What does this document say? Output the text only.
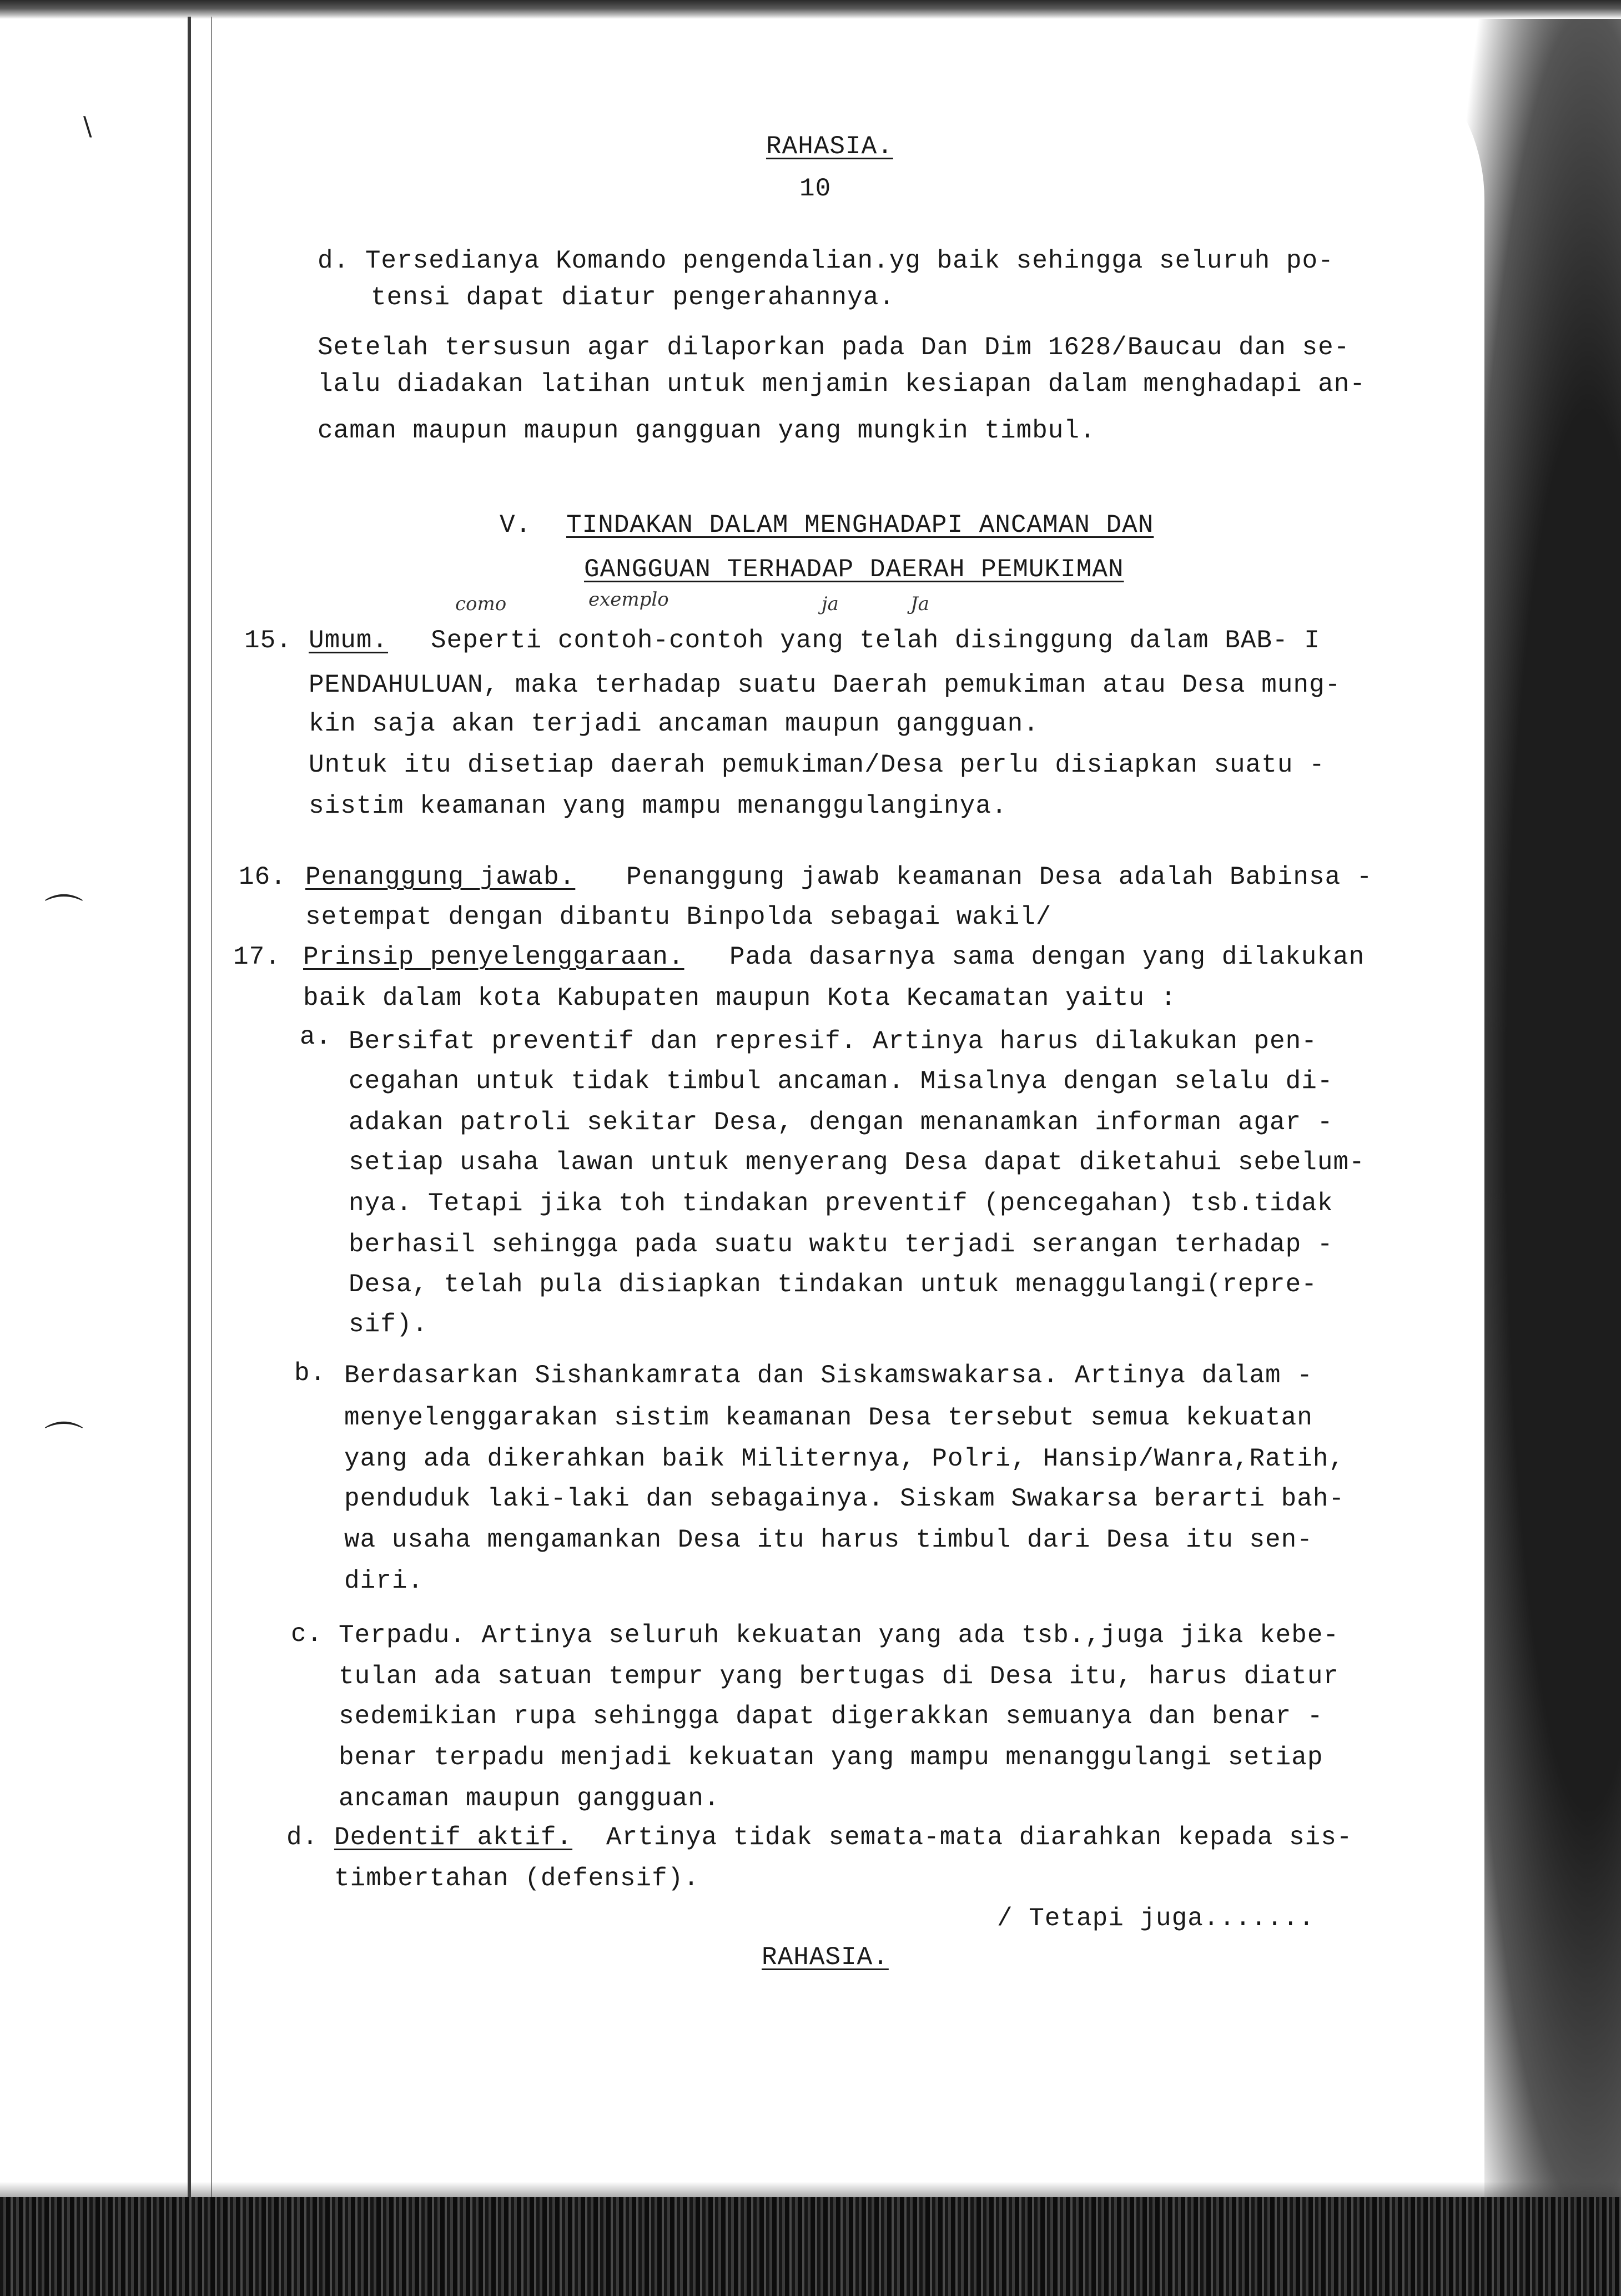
\
⌒
⌒
RAHASIA.
10
d. Tersedianya Komando pengendalian.yg baik sehingga seluruh po-
tensi dapat diatur pengerahannya.
Setelah tersusun agar dilaporkan pada Dan Dim 1628/Baucau dan se-
lalu diadakan latihan untuk menjamin kesiapan dalam menghadapi an-
caman maupun maupun gangguan yang mungkin timbul.
V. TINDAKAN DALAM MENGHADAPI ANCAMAN DAN
GANGGUAN TERHADAP DAERAH PEMUKIMAN
como	exemplo	ja	Ja
15. Umum. Seperti contoh-contoh yang telah disinggung dalam BAB- I
PENDAHULUAN, maka terhadap suatu Daerah pemukiman atau Desa mung-
kin saja akan terjadi ancaman maupun gangguan.
Untuk itu disetiap daerah pemukiman/Desa perlu disiapkan suatu -
sistim keamanan yang mampu menanggulanginya.
16. Penanggung jawab. Penanggung jawab keamanan Desa adalah Babinsa -
setempat dengan dibantu Binpolda sebagai wakil/
17. Prinsip penyelenggaraan. Pada dasarnya sama dengan yang dilakukan
baik dalam kota Kabupaten maupun Kota Kecamatan yaitu :
a. Bersifat preventif dan represif. Artinya harus dilakukan pen-
cegahan untuk tidak timbul ancaman. Misalnya dengan selalu di-
adakan patroli sekitar Desa, dengan menanamkan informan agar -
setiap usaha lawan untuk menyerang Desa dapat diketahui sebelum-
nya. Tetapi jika toh tindakan preventif (pencegahan) tsb.tidak
berhasil sehingga pada suatu waktu terjadi serangan terhadap -
Desa, telah pula disiapkan tindakan untuk menaggulangi(repre-
sif).
b. Berdasarkan Sishankamrata dan Siskamswakarsa. Artinya dalam -
menyelenggarakan sistim keamanan Desa tersebut semua kekuatan
yang ada dikerahkan baik Militernya, Polri, Hansip/Wanra,Ratih,
penduduk laki-laki dan sebagainya. Siskam Swakarsa berarti bah-
wa usaha mengamankan Desa itu harus timbul dari Desa itu sen-
diri.
c. Terpadu. Artinya seluruh kekuatan yang ada tsb.,juga jika kebe-
tulan ada satuan tempur yang bertugas di Desa itu, harus diatur
sedemikian rupa sehingga dapat digerakkan semuanya dan benar -
benar terpadu menjadi kekuatan yang mampu menanggulangi setiap
ancaman maupun gangguan.
d. Dedentif aktif. Artinya tidak semata-mata diarahkan kepada sis-
timbertahan (defensif).
/ Tetapi juga.......
RAHASIA.
